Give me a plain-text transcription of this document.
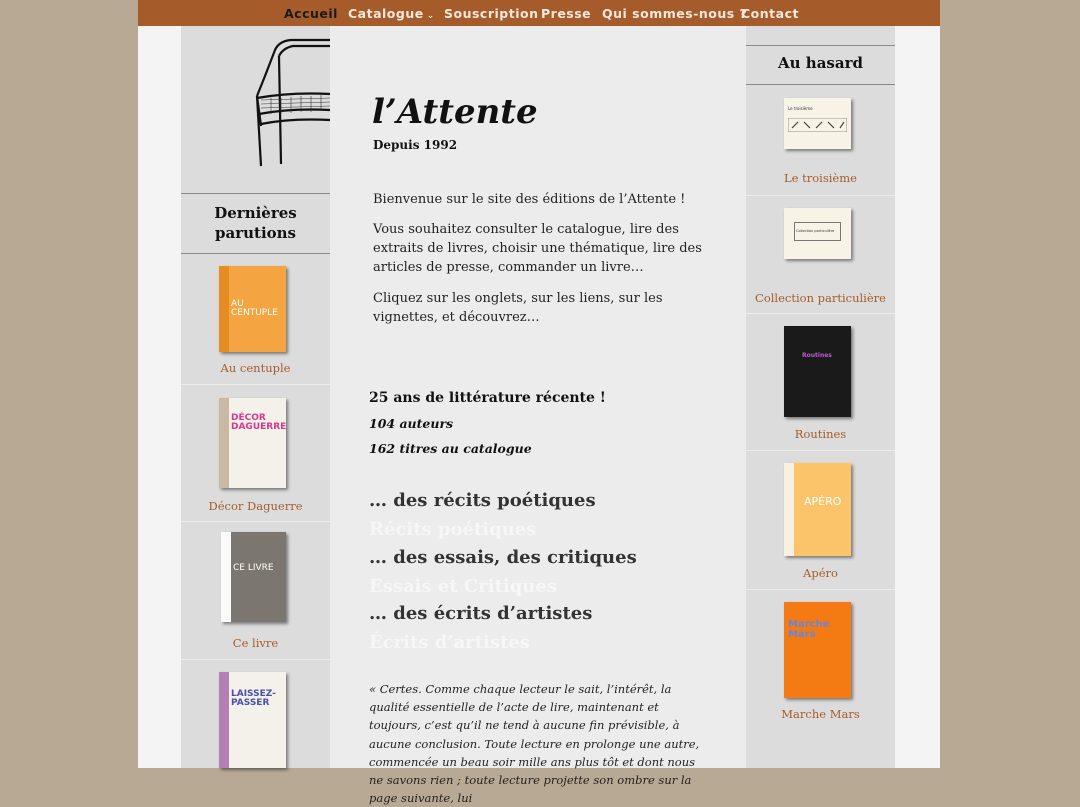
Accueil Catalogue ⌄ Souscription Presse Qui sommes-nous ?
Contact
Dernières parutions
AU CENTUPLE
Au centuple
DÉCOR DAGUERRE
Décor Daguerre
CE LIVRE
Ce livre
LAISSEZ-PASSER
l’Attente
Depuis 1992
Bienvenue sur le site des éditions de l’Attente !
Vous souhaitez consulter le catalogue, lire des extraits de livres, choisir une thématique, lire des articles de presse, commander un livre…
Cliquez sur les onglets, sur les liens, sur les vignettes, et découvrez…
25 ans de littérature récente !
104 auteurs
162 titres au catalogue
… des récits poétiques
Récits poétiques
… des essais, des critiques
Essais et Critiques
… des écrits d’artistes
Écrits d’artistes
« Certes. Comme chaque lecteur le sait, l’intérêt, la qualité essentielle de l’acte de lire, maintenant et toujours, c’est qu’il ne tend à aucune fin prévisible, à aucune conclusion. Toute lecture en prolonge une autre, commencée un beau soir mille ans plus tôt et dont nous ne savons rien ; toute lecture projette son ombre sur la page suivante, lui
Au hasard
Le troisième
Le troisième
Collection particulière
Collection particulière
Routines
Routines
APÉRO
Apéro
Marche Mars
Marche Mars
